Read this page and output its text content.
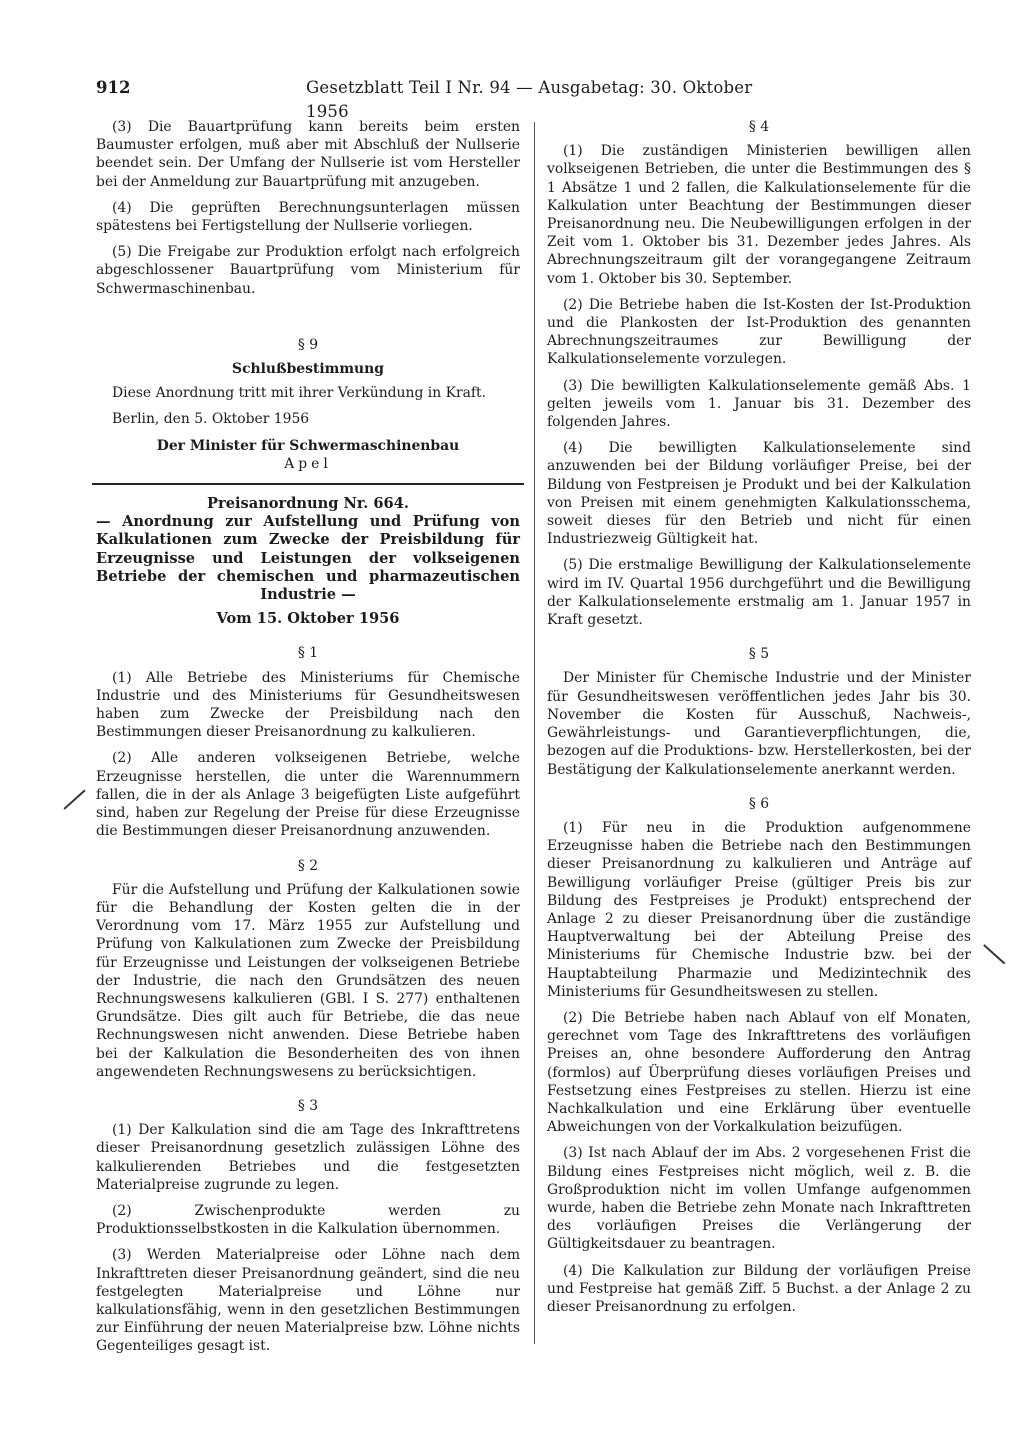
912	Gesetzblatt Teil I Nr. 94 — Ausgabetag: 30. Oktober 1956

(3) Die Bauartprüfung kann bereits beim ersten Baumuster erfolgen, muß aber mit Abschluß der Nullserie beendet sein. Der Umfang der Nullserie ist vom Hersteller bei der Anmeldung zur Bauartprüfung mit anzugeben.

(4) Die geprüften Berechnungsunterlagen müssen spätestens bei Fertigstellung der Nullserie vorliegen.

(5) Die Freigabe zur Produktion erfolgt nach erfolgreich abgeschlossener Bauartprüfung vom Ministerium für Schwermaschinenbau.

§ 9

Schlußbestimmung

Diese Anordnung tritt mit ihrer Verkündung in Kraft.

Berlin, den 5. Oktober 1956

Der Minister für Schwermaschinenbau

Apel

Preisanordnung Nr. 664.

— Anordnung zur Aufstellung und Prüfung von Kalkulationen zum Zwecke der Preisbildung für Erzeugnisse und Leistungen der volkseigenen Betriebe der chemischen und pharmazeutischen Industrie —

Vom 15. Oktober 1956

§ 1

(1) Alle Betriebe des Ministeriums für Chemische Industrie und des Ministeriums für Gesundheitswesen haben zum Zwecke der Preisbildung nach den Bestimmungen dieser Preisanordnung zu kalkulieren.

(2) Alle anderen volkseigenen Betriebe, welche Erzeugnisse herstellen, die unter die Warennummern fallen, die in der als Anlage 3 beigefügten Liste aufgeführt sind, haben zur Regelung der Preise für diese Erzeugnisse die Bestimmungen dieser Preisanordnung anzuwenden.

§ 2

Für die Aufstellung und Prüfung der Kalkulationen sowie für die Behandlung der Kosten gelten die in der Verordnung vom 17. März 1955 zur Aufstellung und Prüfung von Kalkulationen zum Zwecke der Preisbildung für Erzeugnisse und Leistungen der volkseigenen Betriebe der Industrie, die nach den Grundsätzen des neuen Rechnungswesens kalkulieren (GBl. I S. 277) enthaltenen Grundsätze. Dies gilt auch für Betriebe, die das neue Rechnungswesen nicht anwenden. Diese Betriebe haben bei der Kalkulation die Besonderheiten des von ihnen angewendeten Rechnungswesens zu berücksichtigen.

§ 3

(1) Der Kalkulation sind die am Tage des Inkrafttretens dieser Preisanordnung gesetzlich zulässigen Löhne des kalkulierenden Betriebes und die festgesetzten Materialpreise zugrunde zu legen.

(2) Zwischenprodukte werden zu Produktionsselbstkosten in die Kalkulation übernommen.

(3) Werden Materialpreise oder Löhne nach dem Inkrafttreten dieser Preisanordnung geändert, sind die neu festgelegten Materialpreise und Löhne nur kalkulationsfähig, wenn in den gesetzlichen Bestimmungen zur Einführung der neuen Materialpreise bzw. Löhne nichts Gegenteiliges gesagt ist.

§ 4

(1) Die zuständigen Ministerien bewilligen allen volkseigenen Betrieben, die unter die Bestimmungen des § 1 Absätze 1 und 2 fallen, die Kalkulationselemente für die Kalkulation unter Beachtung der Bestimmungen dieser Preisanordnung neu. Die Neubewilligungen erfolgen in der Zeit vom 1. Oktober bis 31. Dezember jedes Jahres. Als Abrechnungszeitraum gilt der vorangegangene Zeitraum vom 1. Oktober bis 30. September.

(2) Die Betriebe haben die Ist-Kosten der Ist-Produktion und die Plankosten der Ist-Produktion des genannten Abrechnungszeitraumes zur Bewilligung der Kalkulationselemente vorzulegen.

(3) Die bewilligten Kalkulationselemente gemäß Abs. 1 gelten jeweils vom 1. Januar bis 31. Dezember des folgenden Jahres.

(4) Die bewilligten Kalkulationselemente sind anzuwenden bei der Bildung vorläufiger Preise, bei der Bildung von Festpreisen je Produkt und bei der Kalkulation von Preisen mit einem genehmigten Kalkulationsschema, soweit dieses für den Betrieb und nicht für einen Industriezweig Gültigkeit hat.

(5) Die erstmalige Bewilligung der Kalkulationselemente wird im IV. Quartal 1956 durchgeführt und die Bewilligung der Kalkulationselemente erstmalig am 1. Januar 1957 in Kraft gesetzt.

§ 5

Der Minister für Chemische Industrie und der Minister für Gesundheitswesen veröffentlichen jedes Jahr bis 30. November die Kosten für Ausschuß, Nachweis-, Gewährleistungs- und Garantieverpflichtungen, die, bezogen auf die Produktions- bzw. Herstellerkosten, bei der Bestätigung der Kalkulationselemente anerkannt werden.

§ 6

(1) Für neu in die Produktion aufgenommene Erzeugnisse haben die Betriebe nach den Bestimmungen dieser Preisanordnung zu kalkulieren und Anträge auf Bewilligung vorläufiger Preise (gültiger Preis bis zur Bildung des Festpreises je Produkt) entsprechend der Anlage 2 zu dieser Preisanordnung über die zuständige Hauptverwaltung bei der Abteilung Preise des Ministeriums für Chemische Industrie bzw. bei der Hauptabteilung Pharmazie und Medizintechnik des Ministeriums für Gesundheitswesen zu stellen.

(2) Die Betriebe haben nach Ablauf von elf Monaten, gerechnet vom Tage des Inkrafttretens des vorläufigen Preises an, ohne besondere Aufforderung den Antrag (formlos) auf Überprüfung dieses vorläufigen Preises und Festsetzung eines Festpreises zu stellen. Hierzu ist eine Nachkalkulation und eine Erklärung über eventuelle Abweichungen von der Vorkalkulation beizufügen.

(3) Ist nach Ablauf der im Abs. 2 vorgesehenen Frist die Bildung eines Festpreises nicht möglich, weil z. B. die Großproduktion nicht im vollen Umfange aufgenommen wurde, haben die Betriebe zehn Monate nach Inkrafttreten des vorläufigen Preises die Verlängerung der Gültigkeitsdauer zu beantragen.

(4) Die Kalkulation zur Bildung der vorläufigen Preise und Festpreise hat gemäß Ziff. 5 Buchst. a der Anlage 2 zu dieser Preisanordnung zu erfolgen.
